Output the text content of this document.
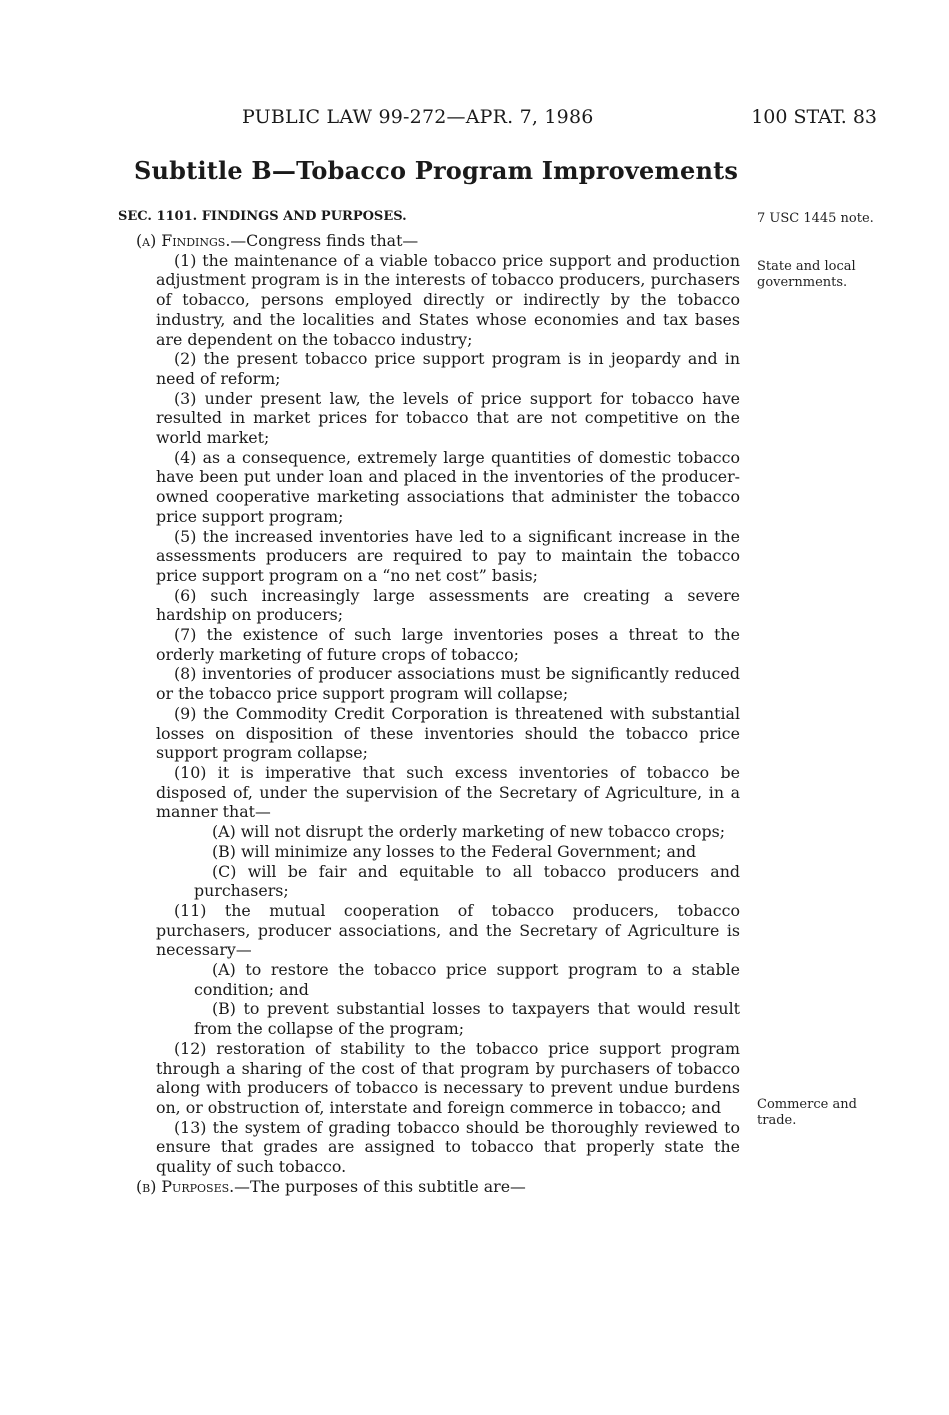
PUBLIC LAW 99-272—APR. 7, 1986	100 STAT. 83
Subtitle B—Tobacco Program Improvements
SEC. 1101. FINDINGS AND PURPOSES.	7 USC 1445 note.
State and local governments.
Commerce and trade.

(a) Findings.—Congress finds that—

(1) the maintenance of a viable tobacco price support and production adjustment program is in the interests of tobacco producers, purchasers of tobacco, persons employed directly or indirectly by the tobacco industry, and the localities and States whose economies and tax bases are dependent on the tobacco industry;

(2) the present tobacco price support program is in jeopardy and in need of reform;

(3) under present law, the levels of price support for tobacco have resulted in market prices for tobacco that are not competitive on the world market;

(4) as a consequence, extremely large quantities of domestic tobacco have been put under loan and placed in the inventories of the producer-owned cooperative marketing associations that administer the tobacco price support program;

(5) the increased inventories have led to a significant increase in the assessments producers are required to pay to maintain the tobacco price support program on a “no net cost” basis;

(6) such increasingly large assessments are creating a severe hardship on producers;

(7) the existence of such large inventories poses a threat to the orderly marketing of future crops of tobacco;

(8) inventories of producer associations must be significantly reduced or the tobacco price support program will collapse;

(9) the Commodity Credit Corporation is threatened with substantial losses on disposition of these inventories should the tobacco price support program collapse;

(10) it is imperative that such excess inventories of tobacco be disposed of, under the supervision of the Secretary of Agriculture, in a manner that—

(A) will not disrupt the orderly marketing of new tobacco crops;

(B) will minimize any losses to the Federal Government; and

(C) will be fair and equitable to all tobacco producers and purchasers;

(11) the mutual cooperation of tobacco producers, tobacco purchasers, producer associations, and the Secretary of Agriculture is necessary—

(A) to restore the tobacco price support program to a stable condition; and

(B) to prevent substantial losses to taxpayers that would result from the collapse of the program;

(12) restoration of stability to the tobacco price support program through a sharing of the cost of that program by purchasers of tobacco along with producers of tobacco is necessary to prevent undue burdens on, or obstruction of, interstate and foreign commerce in tobacco; and

(13) the system of grading tobacco should be thoroughly reviewed to ensure that grades are assigned to tobacco that properly state the quality of such tobacco.

(b) Purposes.—The purposes of this subtitle are—
